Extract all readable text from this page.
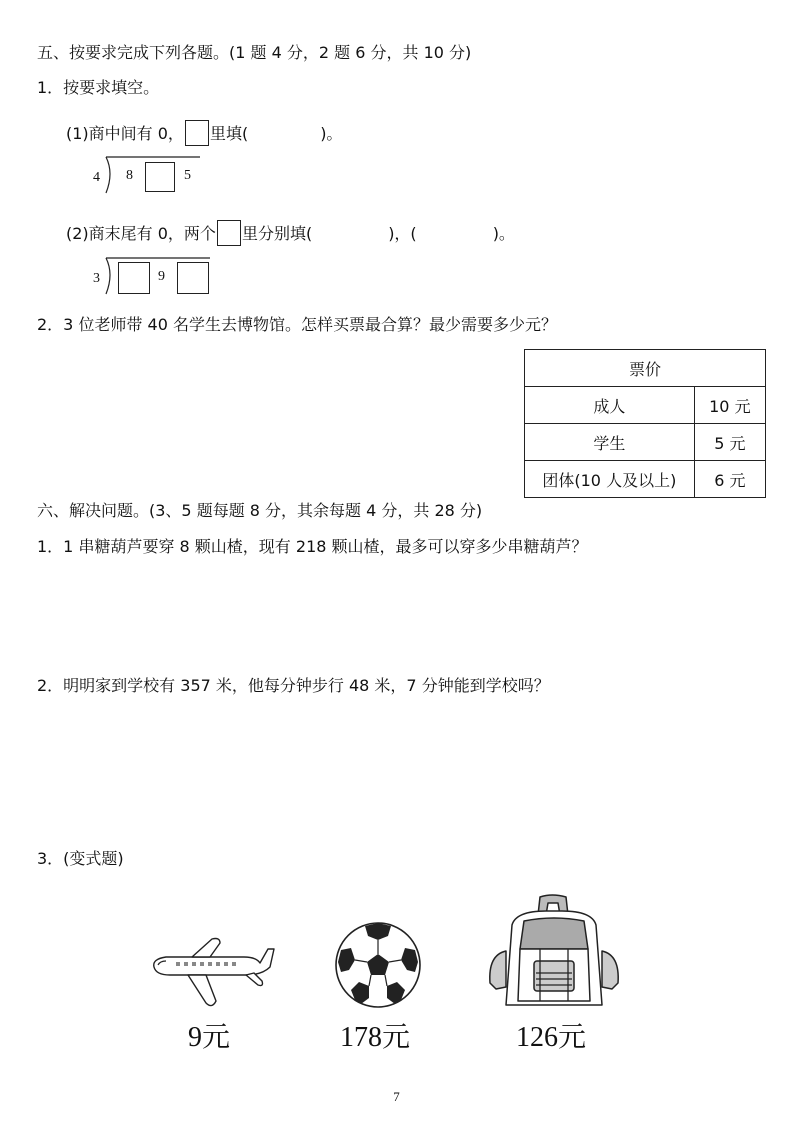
五、按要求完成下列各题。(1 题 4 分，2 题 6 分，共 10 分)
1．按要求填空。
(1)商中间有 0， 里填(	)。
4 8	5
(2)商末尾有 0，两个 里分别填(	)，(	)。
3	9
2．3 位老师带 40 名学生去博物馆。怎样买票最合算？最少需要多少元？
票价	
成人	10 元
学生	5 元
团体(10 人及以上)	6 元
六、解决问题。(3、5 题每题 8 分，其余每题 4 分，共 28 分)
1．1 串糖葫芦要穿 8 颗山楂，现有 218 颗山楂，最多可以穿多少串糖葫芦？
2．明明家到学校有 357 米，他每分钟步行 48 米，7 分钟能到学校吗？
3．(变式题)
9元	178元	126元
7
